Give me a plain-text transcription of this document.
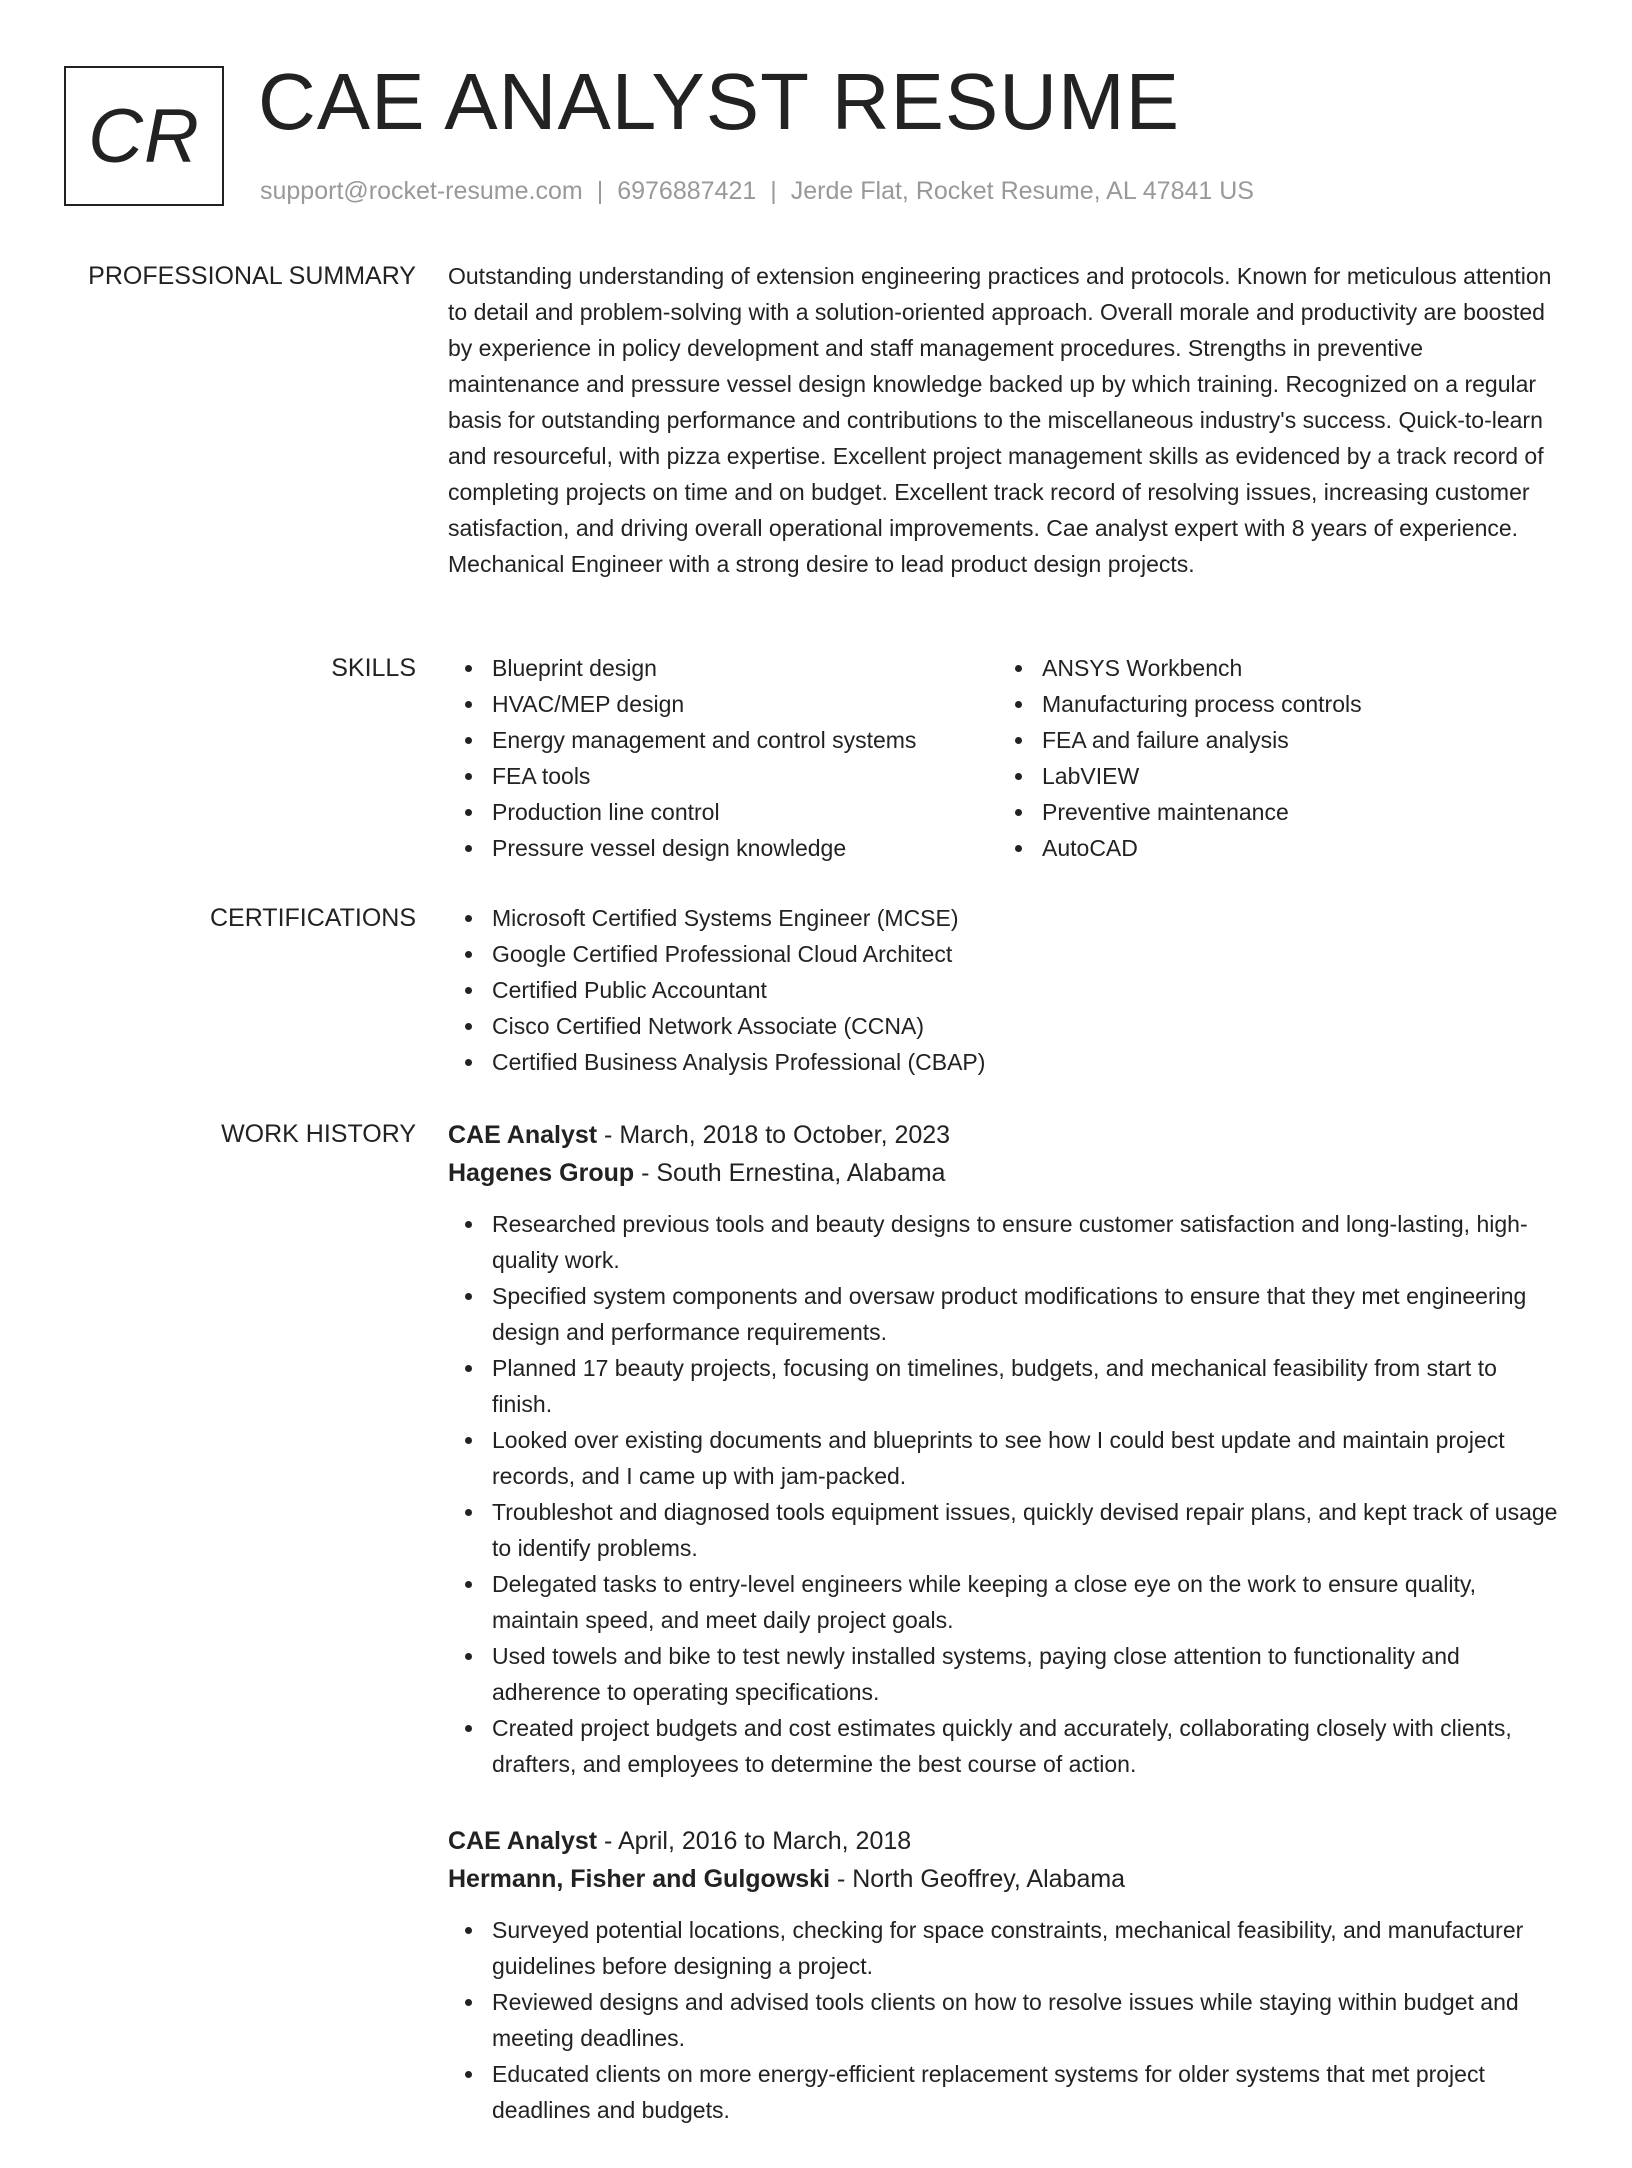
CR CAE ANALYST RESUME
support@rocket-resume.com | 6976887421 | Jerde Flat, Rocket Resume, AL 47841 US
PROFESSIONAL SUMMARY Outstanding understanding of extension engineering practices and protocols. Known for meticulous attention to detail and problem-solving with a solution-oriented approach. Overall morale and productivity are boosted by experience in policy development and staff management procedures. Strengths in preventive maintenance and pressure vessel design knowledge backed up by which training. Recognized on a regular basis for outstanding performance and contributions to the miscellaneous industry's success. Quick-to-learn and resourceful, with pizza expertise. Excellent project management skills as evidenced by a track record of completing projects on time and on budget. Excellent track record of resolving issues, increasing customer satisfaction, and driving overall operational improvements. Cae analyst expert with 8 years of experience. Mechanical Engineer with a strong desire to lead product design projects.

SKILLS	Blueprint design
HVAC/MEP design
Energy management and control systems
FEA tools
Production line control
Pressure vessel design knowledge
ANSYS Workbench
Manufacturing process controls
FEA and failure analysis
LabVIEW
Preventive maintenance
AutoCAD
CERTIFICATIONS	Microsoft Certified Systems Engineer (MCSE)
Google Certified Professional Cloud Architect
Certified Public Accountant
Cisco Certified Network Associate (CCNA)
Certified Business Analysis Professional (CBAP)
WORK HISTORY CAE Analyst - March, 2018 to October, 2023
Hagenes Group - South Ernestina, Alabama
Researched previous tools and beauty designs to ensure customer satisfaction and long-lasting, high-quality work.
Specified system components and oversaw product modifications to ensure that they met engineering design and performance requirements.
Planned 17 beauty projects, focusing on timelines, budgets, and mechanical feasibility from start to finish.
Looked over existing documents and blueprints to see how I could best update and maintain project records, and I came up with jam-packed.
Troubleshot and diagnosed tools equipment issues, quickly devised repair plans, and kept track of usage to identify problems.
Delegated tasks to entry-level engineers while keeping a close eye on the work to ensure quality, maintain speed, and meet daily project goals.
Used towels and bike to test newly installed systems, paying close attention to functionality and adherence to operating specifications.
Created project budgets and cost estimates quickly and accurately, collaborating closely with clients, drafters, and employees to determine the best course of action.
CAE Analyst - April, 2016 to March, 2018
Hermann, Fisher and Gulgowski - North Geoffrey, Alabama
Surveyed potential locations, checking for space constraints, mechanical feasibility, and manufacturer guidelines before designing a project.
Reviewed designs and advised tools clients on how to resolve issues while staying within budget and meeting deadlines.
Educated clients on more energy-efficient replacement systems for older systems that met project deadlines and budgets.
